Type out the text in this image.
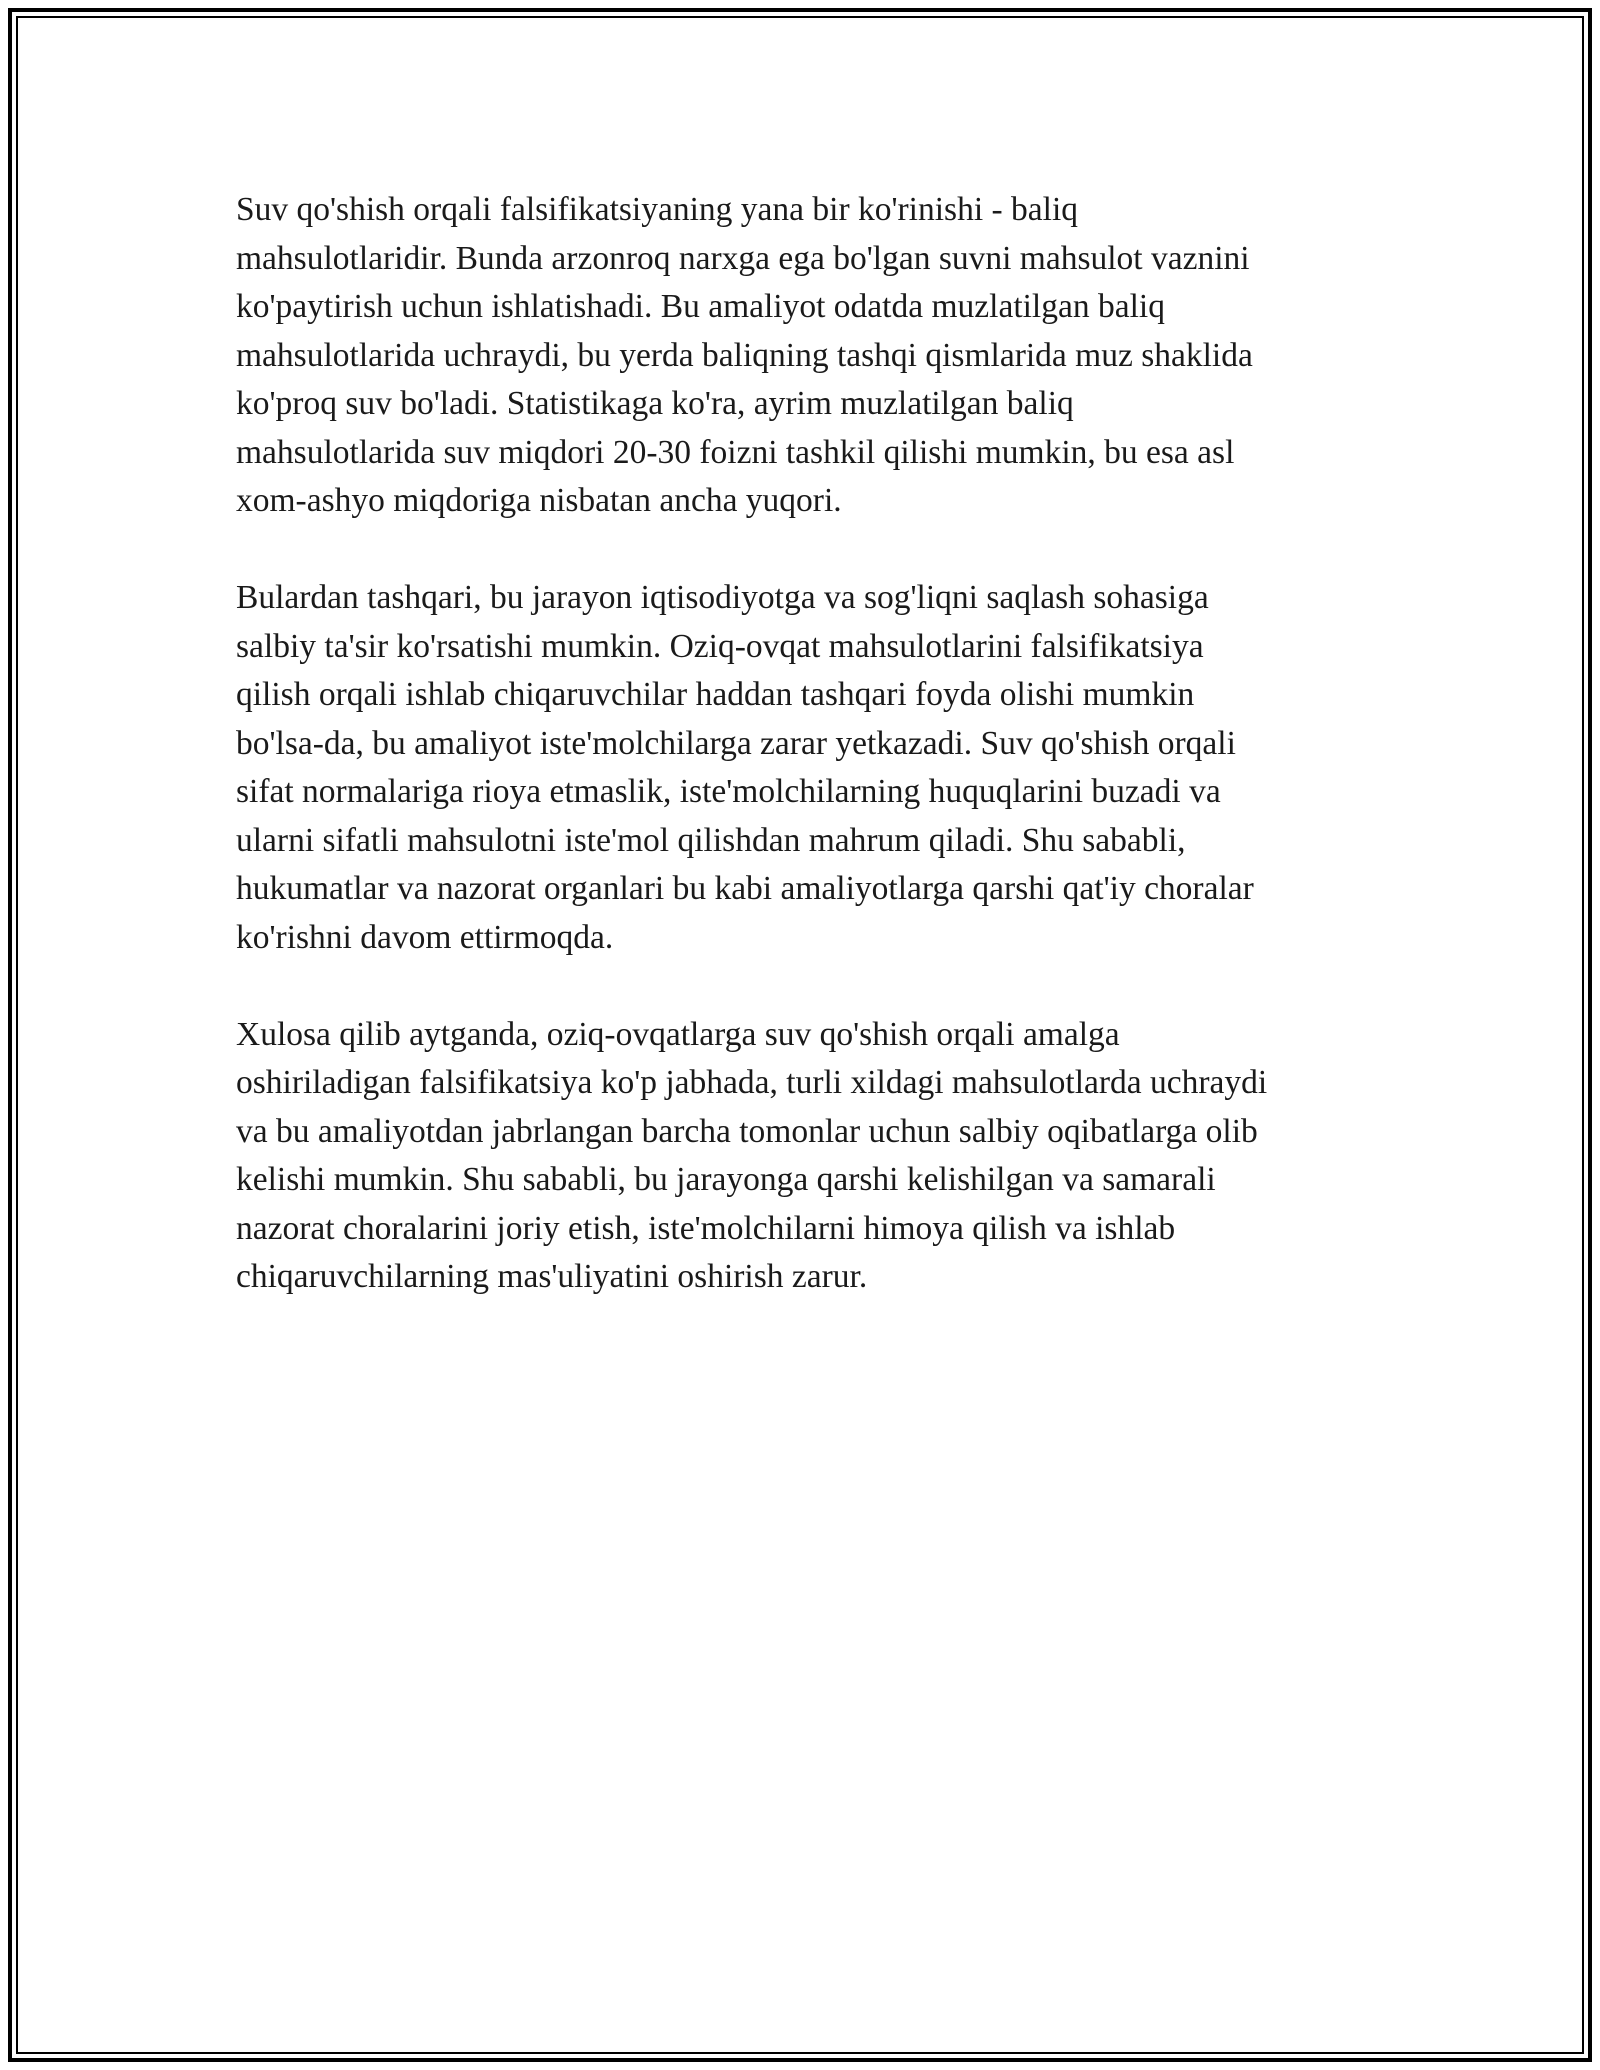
Suv qo'shish orqali falsifikatsiyaning yana bir ko'rinishi - baliq
mahsulotlaridir. Bunda arzonroq narxga ega bo'lgan suvni mahsulot vaznini
ko'paytirish uchun ishlatishadi. Bu amaliyot odatda muzlatilgan baliq
mahsulotlarida uchraydi, bu yerda baliqning tashqi qismlarida muz shaklida
ko'proq suv bo'ladi. Statistikaga ko'ra, ayrim muzlatilgan baliq
mahsulotlarida suv miqdori 20-30 foizni tashkil qilishi mumkin, bu esa asl
xom-ashyo miqdoriga nisbatan ancha yuqori.
Bulardan tashqari, bu jarayon iqtisodiyotga va sog'liqni saqlash sohasiga
salbiy ta'sir ko'rsatishi mumkin. Oziq-ovqat mahsulotlarini falsifikatsiya
qilish orqali ishlab chiqaruvchilar haddan tashqari foyda olishi mumkin
bo'lsa-da, bu amaliyot iste'molchilarga zarar yetkazadi. Suv qo'shish orqali
sifat normalariga rioya etmaslik, iste'molchilarning huquqlarini buzadi va
ularni sifatli mahsulotni iste'mol qilishdan mahrum qiladi. Shu sababli,
hukumatlar va nazorat organlari bu kabi amaliyotlarga qarshi qat'iy choralar
ko'rishni davom ettirmoqda.
Xulosa qilib aytganda, oziq-ovqatlarga suv qo'shish orqali amalga
oshiriladigan falsifikatsiya ko'p jabhada, turli xildagi mahsulotlarda uchraydi
va bu amaliyotdan jabrlangan barcha tomonlar uchun salbiy oqibatlarga olib
kelishi mumkin. Shu sababli, bu jarayonga qarshi kelishilgan va samarali
nazorat choralarini joriy etish, iste'molchilarni himoya qilish va ishlab
chiqaruvchilarning mas'uliyatini oshirish zarur.
